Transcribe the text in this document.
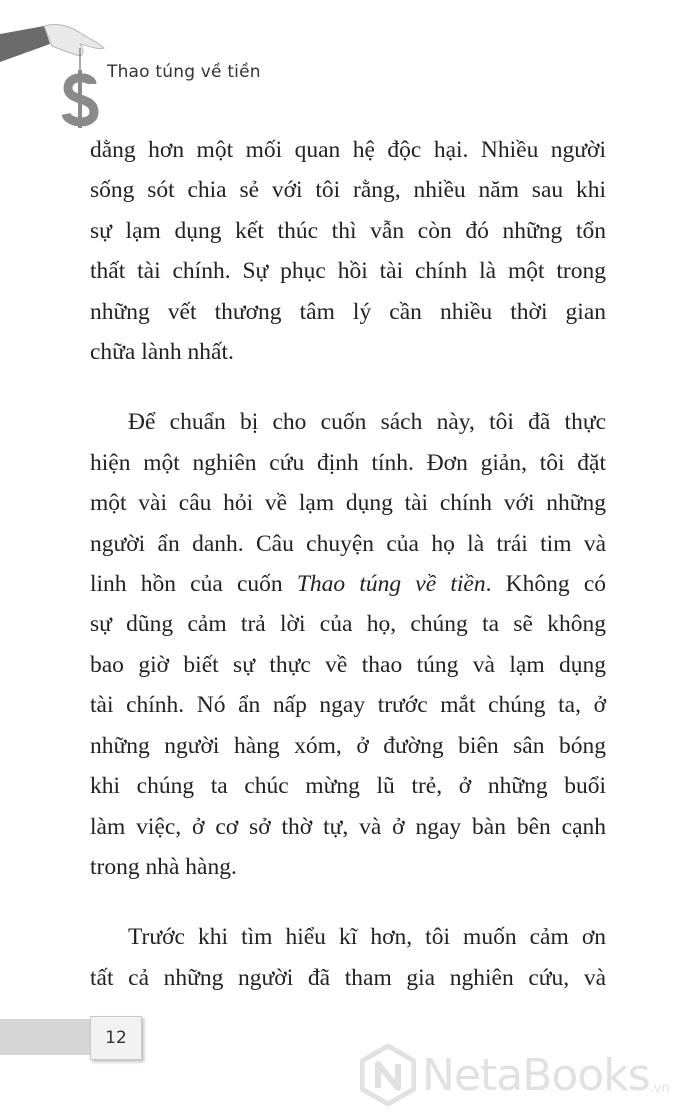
Thao túng về tiền

dằng hơn một mối quan hệ độc hại. Nhiều người
sống sót chia sẻ với tôi rằng, nhiều năm sau khi
sự lạm dụng kết thúc thì vẫn còn đó những tổn
thất tài chính. Sự phục hồi tài chính là một trong
những vết thương tâm lý cần nhiều thời gian
chữa lành nhất.

Để chuẩn bị cho cuốn sách này, tôi đã thực
hiện một nghiên cứu định tính. Đơn giản, tôi đặt
một vài câu hỏi về lạm dụng tài chính với những
người ẩn danh. Câu chuyện của họ là trái tim và
linh hồn của cuốn Thao túng về tiền. Không có
sự dũng cảm trả lời của họ, chúng ta sẽ không
bao giờ biết sự thực về thao túng và lạm dụng
tài chính. Nó ẩn nấp ngay trước mắt chúng ta, ở
những người hàng xóm, ở đường biên sân bóng
khi chúng ta chúc mừng lũ trẻ, ở những buổi
làm việc, ở cơ sở thờ tự, và ở ngay bàn bên cạnh
trong nhà hàng.

Trước khi tìm hiểu kĩ hơn, tôi muốn cảm ơn
tất cả những người đã tham gia nghiên cứu, và

12
NetaBooks .vn
